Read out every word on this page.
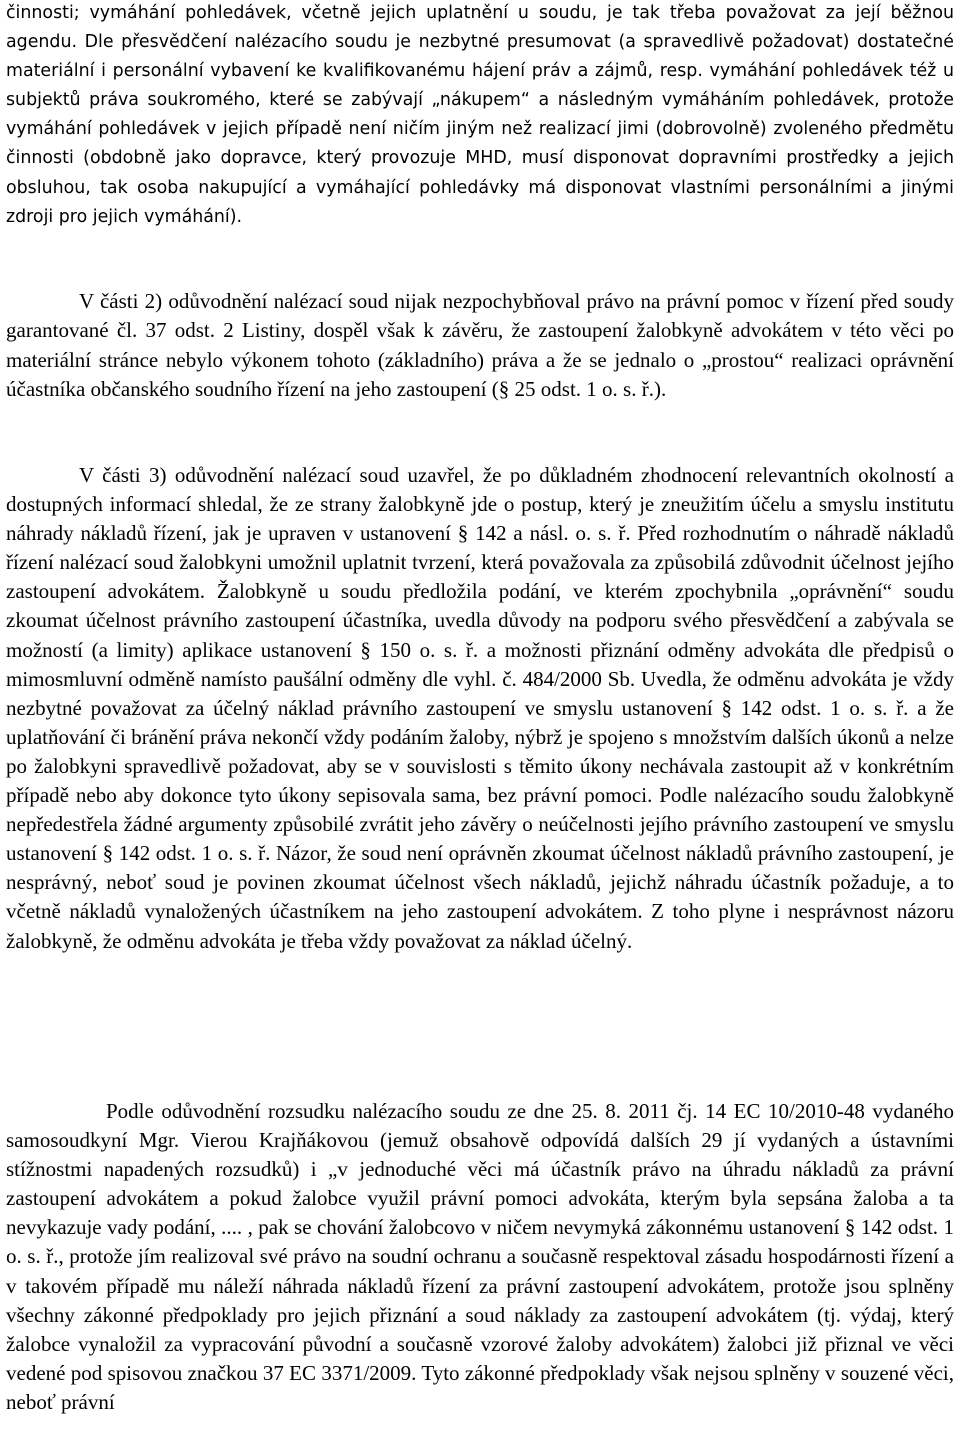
činnosti; vymáhání pohledávek, včetně jejich uplatnění u soudu, je tak třeba považovat za její běžnou agendu. Dle přesvědčení nalézacího soudu je nezbytné presumovat (a spravedlivě požadovat) dostatečné materiální i personální vybavení ke kvalifikovanému hájení práv a zájmů, resp. vymáhání pohledávek též u subjektů práva soukromého, které se zabývají „nákupem“ a následným vymáháním pohledávek, protože vymáhání pohledávek v jejich případě není ničím jiným než realizací jimi (dobrovolně) zvoleného předmětu činnosti (obdobně jako dopravce, který provozuje MHD, musí disponovat dopravními prostředky a jejich obsluhou, tak osoba nakupující a vymáhající pohledávky má disponovat vlastními personálními a jinými zdroji pro jejich vymáhání).

V části 2) odůvodnění nalézací soud nijak nezpochybňoval právo na právní pomoc v řízení před soudy garantované čl. 37 odst. 2 Listiny, dospěl však k závěru, že zastoupení žalobkyně advokátem v této věci po materiální stránce nebylo výkonem tohoto (základního) práva a že se jednalo o „prostou“ realizaci oprávnění účastníka občanského soudního řízení na jeho zastoupení (§ 25 odst. 1 o. s. ř.).

V části 3) odůvodnění nalézací soud uzavřel, že po důkladném zhodnocení relevantních okolností a dostupných informací shledal, že ze strany žalobkyně jde o postup, který je zneužitím účelu a smyslu institutu náhrady nákladů řízení, jak je upraven v ustanovení § 142 a násl. o. s. ř. Před rozhodnutím o náhradě nákladů řízení nalézací soud žalobkyni umožnil uplatnit tvrzení, která považovala za způsobilá zdůvodnit účelnost jejího zastoupení advokátem. Žalobkyně u soudu předložila podání, ve kterém zpochybnila „oprávnění“ soudu zkoumat účelnost právního zastoupení účastníka, uvedla důvody na podporu svého přesvědčení a zabývala se možností (a limity) aplikace ustanovení § 150 o. s. ř. a možnosti přiznání odměny advokáta dle předpisů o mimosmluvní odměně namísto paušální odměny dle vyhl. č. 484/2000 Sb. Uvedla, že odměnu advokáta je vždy nezbytné považovat za účelný náklad právního zastoupení ve smyslu ustanovení § 142 odst. 1 o. s. ř. a že uplatňování či bránění práva nekončí vždy podáním žaloby, nýbrž je spojeno s množstvím dalších úkonů a nelze po žalobkyni spravedlivě požadovat, aby se v souvislosti s těmito úkony nechávala zastoupit až v konkrétním případě nebo aby dokonce tyto úkony sepisovala sama, bez právní pomoci. Podle nalézacího soudu žalobkyně nepředestřela žádné argumenty způsobilé zvrátit jeho závěry o neúčelnosti jejího právního zastoupení ve smyslu ustanovení § 142 odst. 1 o. s. ř. Názor, že soud není oprávněn zkoumat účelnost nákladů právního zastoupení, je nesprávný, neboť soud je povinen zkoumat účelnost všech nákladů, jejichž náhradu účastník požaduje, a to včetně nákladů vynaložených účastníkem na jeho zastoupení advokátem. Z toho plyne i nesprávnost názoru žalobkyně, že odměnu advokáta je třeba vždy považovat za náklad účelný.

Podle odůvodnění rozsudku nalézacího soudu ze dne 25. 8. 2011 čj. 14 EC 10/2010-48 vydaného samosoudkyní Mgr. Vierou Krajňákovou (jemuž obsahově odpovídá dalších 29 jí vydaných a ústavními stížnostmi napadených rozsudků) i „v jednoduché věci má účastník právo na úhradu nákladů za právní zastoupení advokátem a pokud žalobce využil právní pomoci advokáta, kterým byla sepsána žaloba a ta nevykazuje vady podání, .... , pak se chování žalobcovo v ničem nevymyká zákonnému ustanovení § 142 odst. 1 o. s. ř., protože jím realizoval své právo na soudní ochranu a současně respektoval zásadu hospodárnosti řízení a v takovém případě mu náleží náhrada nákladů řízení za právní zastoupení advokátem, protože jsou splněny všechny zákonné předpoklady pro jejich přiznání a soud náklady za zastoupení advokátem (tj. výdaj, který žalobce vynaložil za vypracování původní a současně vzorové žaloby advokátem) žalobci již přiznal ve věci vedené pod spisovou značkou 37 EC 3371/2009. Tyto zákonné předpoklady však nejsou splněny v souzené věci, neboť právní
